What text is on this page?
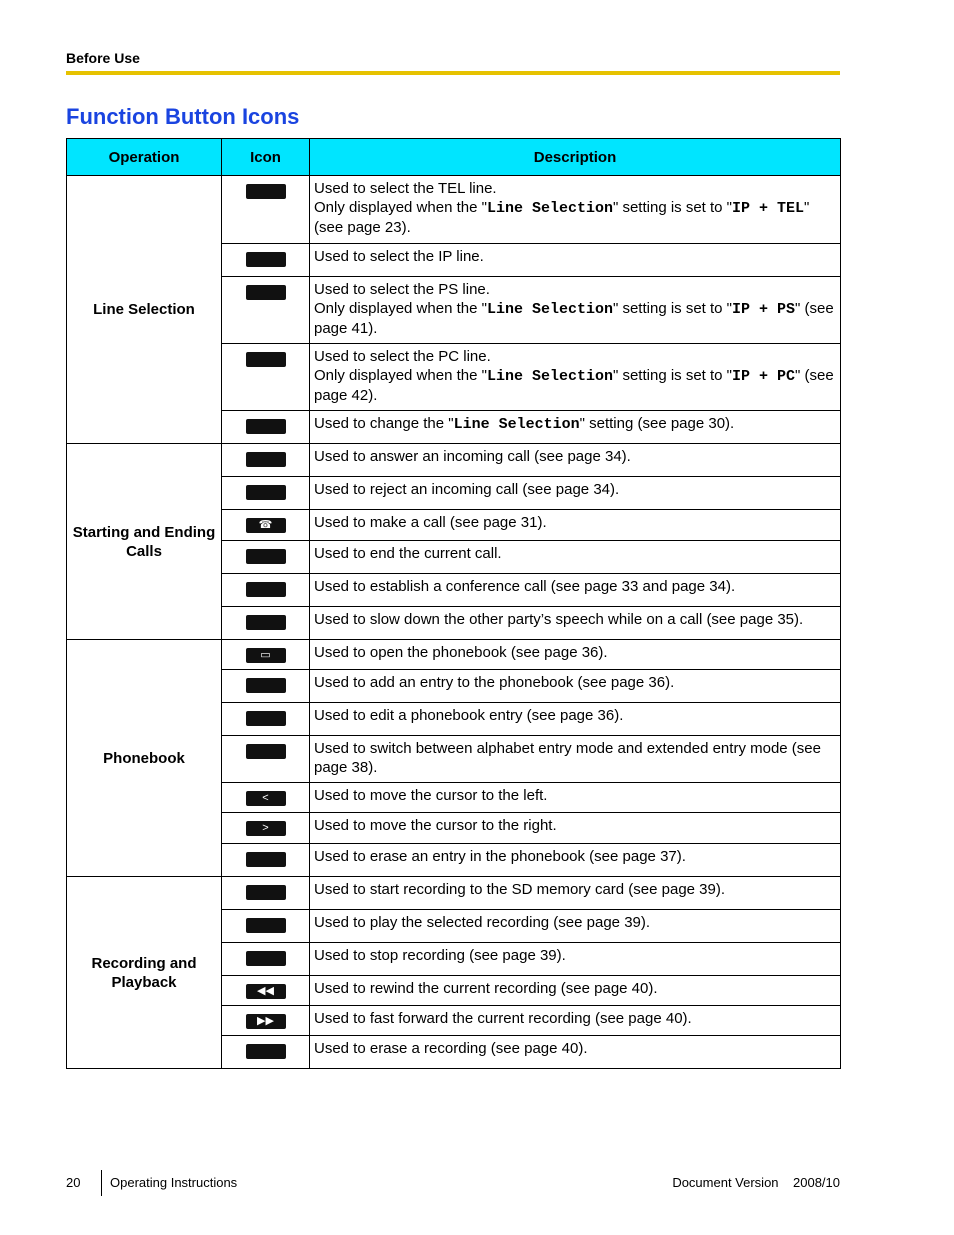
Before Use
Function Button Icons
Operation	Icon	Description
Line Selection		Used to select the TEL line.
Only displayed when the "Line Selection" setting is set to "IP + TEL" (see page 23).
		Used to select the IP line.
		Used to select the PS line.
Only displayed when the "Line Selection" setting is set to "IP + PS" (see page 41).
		Used to select the PC line.
Only displayed when the "Line Selection" setting is set to "IP + PC" (see page 42).
		Used to change the "Line Selection" setting (see page 30).
Starting and Ending Calls		Used to answer an incoming call (see page 34).
		Used to reject an incoming call (see page 34).
	☎	Used to make a call (see page 31).
		Used to end the current call.
		Used to establish a conference call (see page 33 and page 34).
		Used to slow down the other party’s speech while on a call (see page 35).
Phonebook	▭	Used to open the phonebook (see page 36).
		Used to add an entry to the phonebook (see page 36).
		Used to edit a phonebook entry (see page 36).
		Used to switch between alphabet entry mode and extended entry mode (see page 38).
	<	Used to move the cursor to the left.
	>	Used to move the cursor to the right.
		Used to erase an entry in the phonebook (see page 37).
Recording and Playback		Used to start recording to the SD memory card (see page 39).
		Used to play the selected recording (see page 39).
		Used to stop recording (see page 39).
	◀◀	Used to rewind the current recording (see page 40).
	▶▶	Used to fast forward the current recording (see page 40).
		Used to erase a recording (see page 40).
20 Operating Instructions	Document Version 2008/10
